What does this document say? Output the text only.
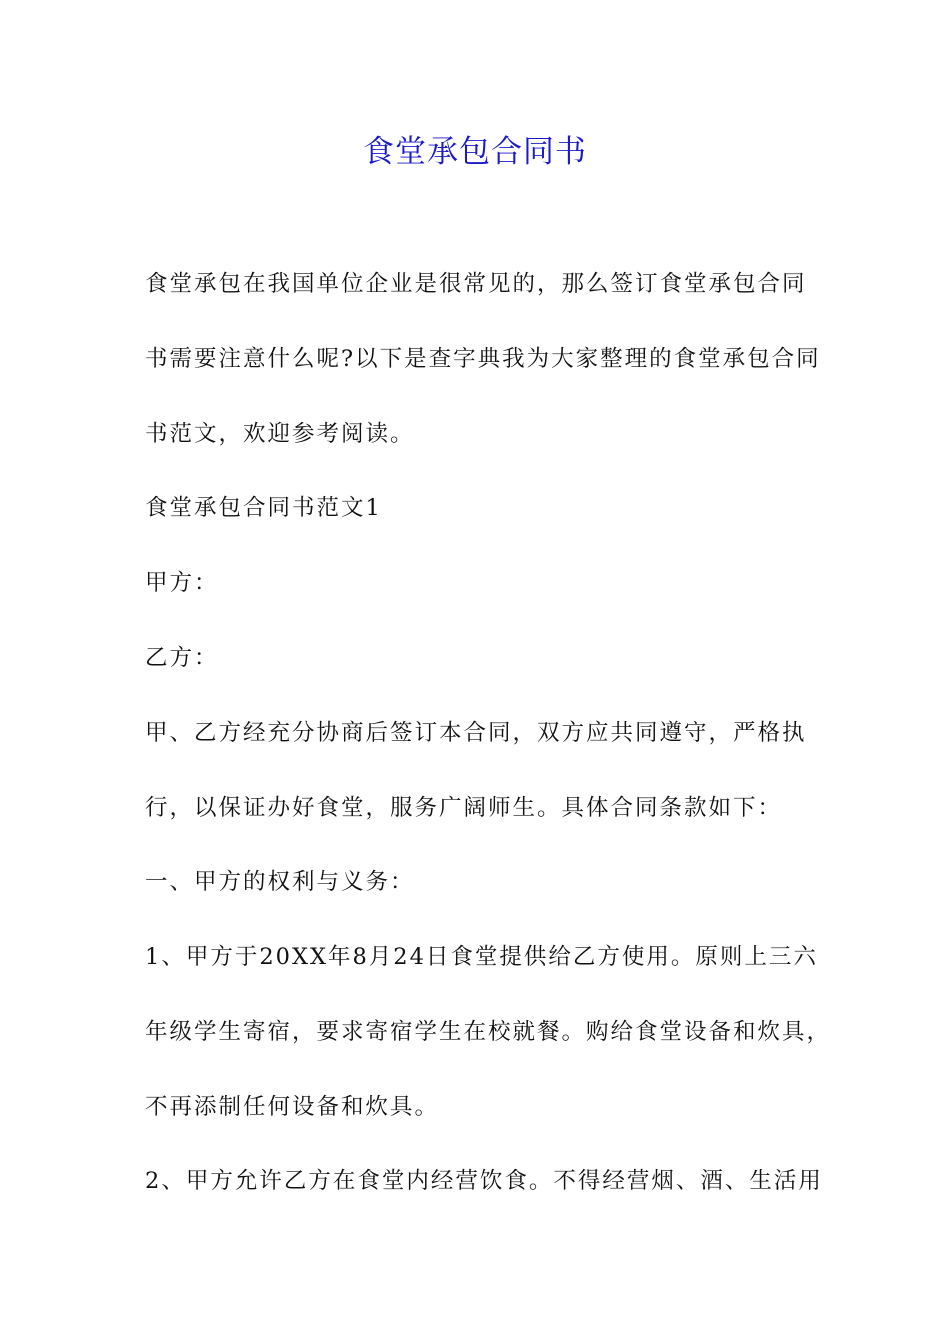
食堂承包合同书
食堂承包在我国单位企业是很常见的，那么签订食堂承包合同
书需要注意什么呢?以下是查字典我为大家整理的食堂承包合同
书范文，欢迎参考阅读。
食堂承包合同书范文1
甲方：
乙方：
甲、乙方经充分协商后签订本合同，双方应共同遵守，严格执
行，以保证办好食堂，服务广阔师生。具体合同条款如下：
一、甲方的权利与义务：
1、甲方于20XX年8月24日食堂提供给乙方使用。原则上三六
年级学生寄宿，要求寄宿学生在校就餐。购给食堂设备和炊具，
不再添制任何设备和炊具。
2、甲方允许乙方在食堂内经营饮食。不得经营烟、酒、生活用
